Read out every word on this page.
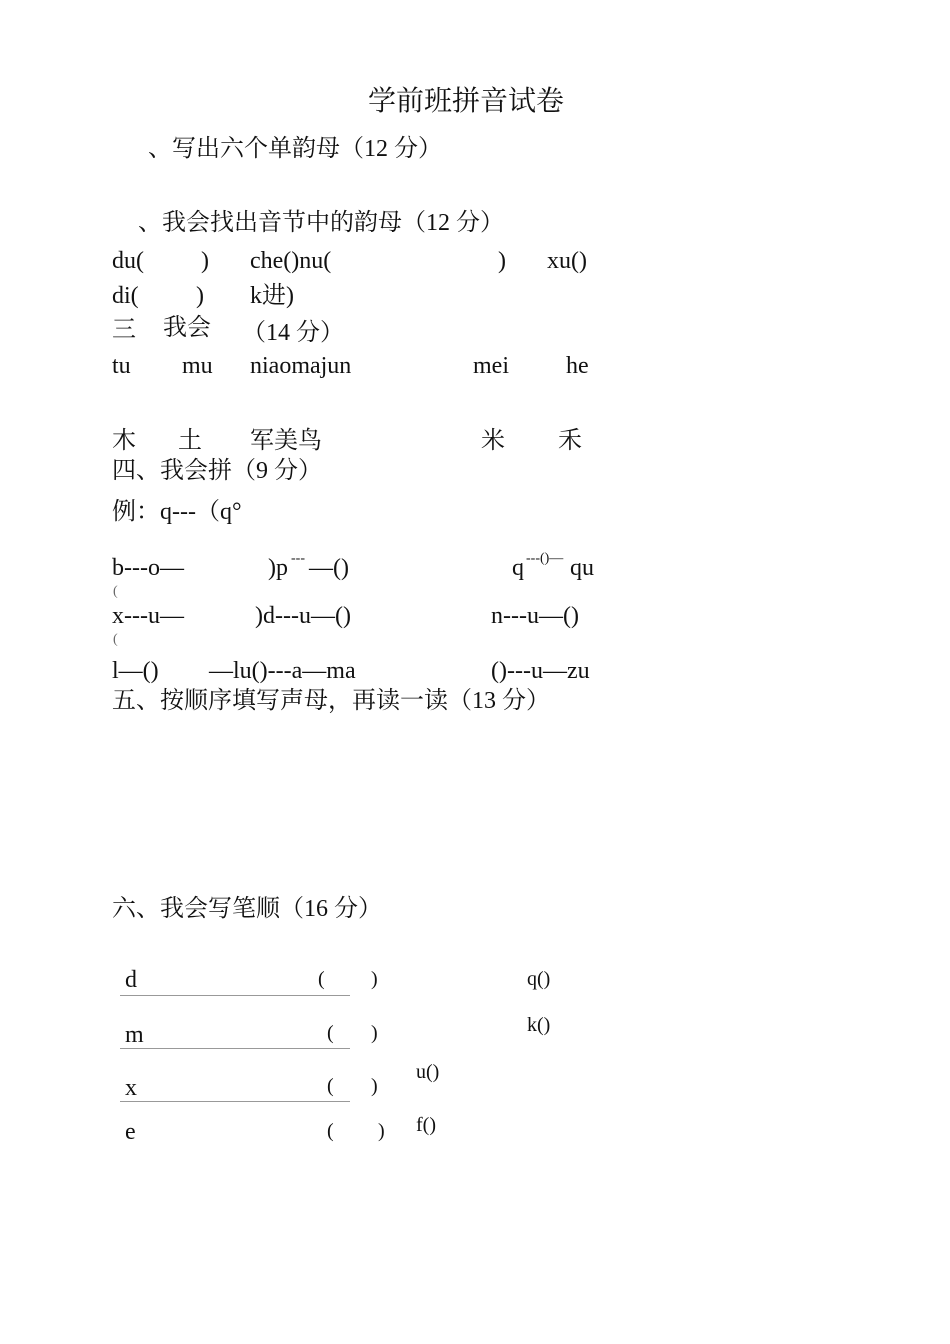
学前班拼音试卷
、写出六个单韵母（12 分）
、我会找出音节中的韵母（12 分）
du( ) che()nu(	) xu()
di( ) k进)
三 我会 （14 分）
tu mu niaomajun	mei he
木 土 军美鸟	米 禾
四、我会拼（9 分）
例：q---（q°
b---o—	)p --- —()	q ---()— qu
(
x---u—	)d---u—()	n---u—()
(
l—() —lu()---a—ma	()---u—zu
五、按顺序填写声母，再读一读（13 分）
六、我会写笔顺（16 分）
d	( )
m	( )
x	( )
e	( )
q()
k()
u()
f()
